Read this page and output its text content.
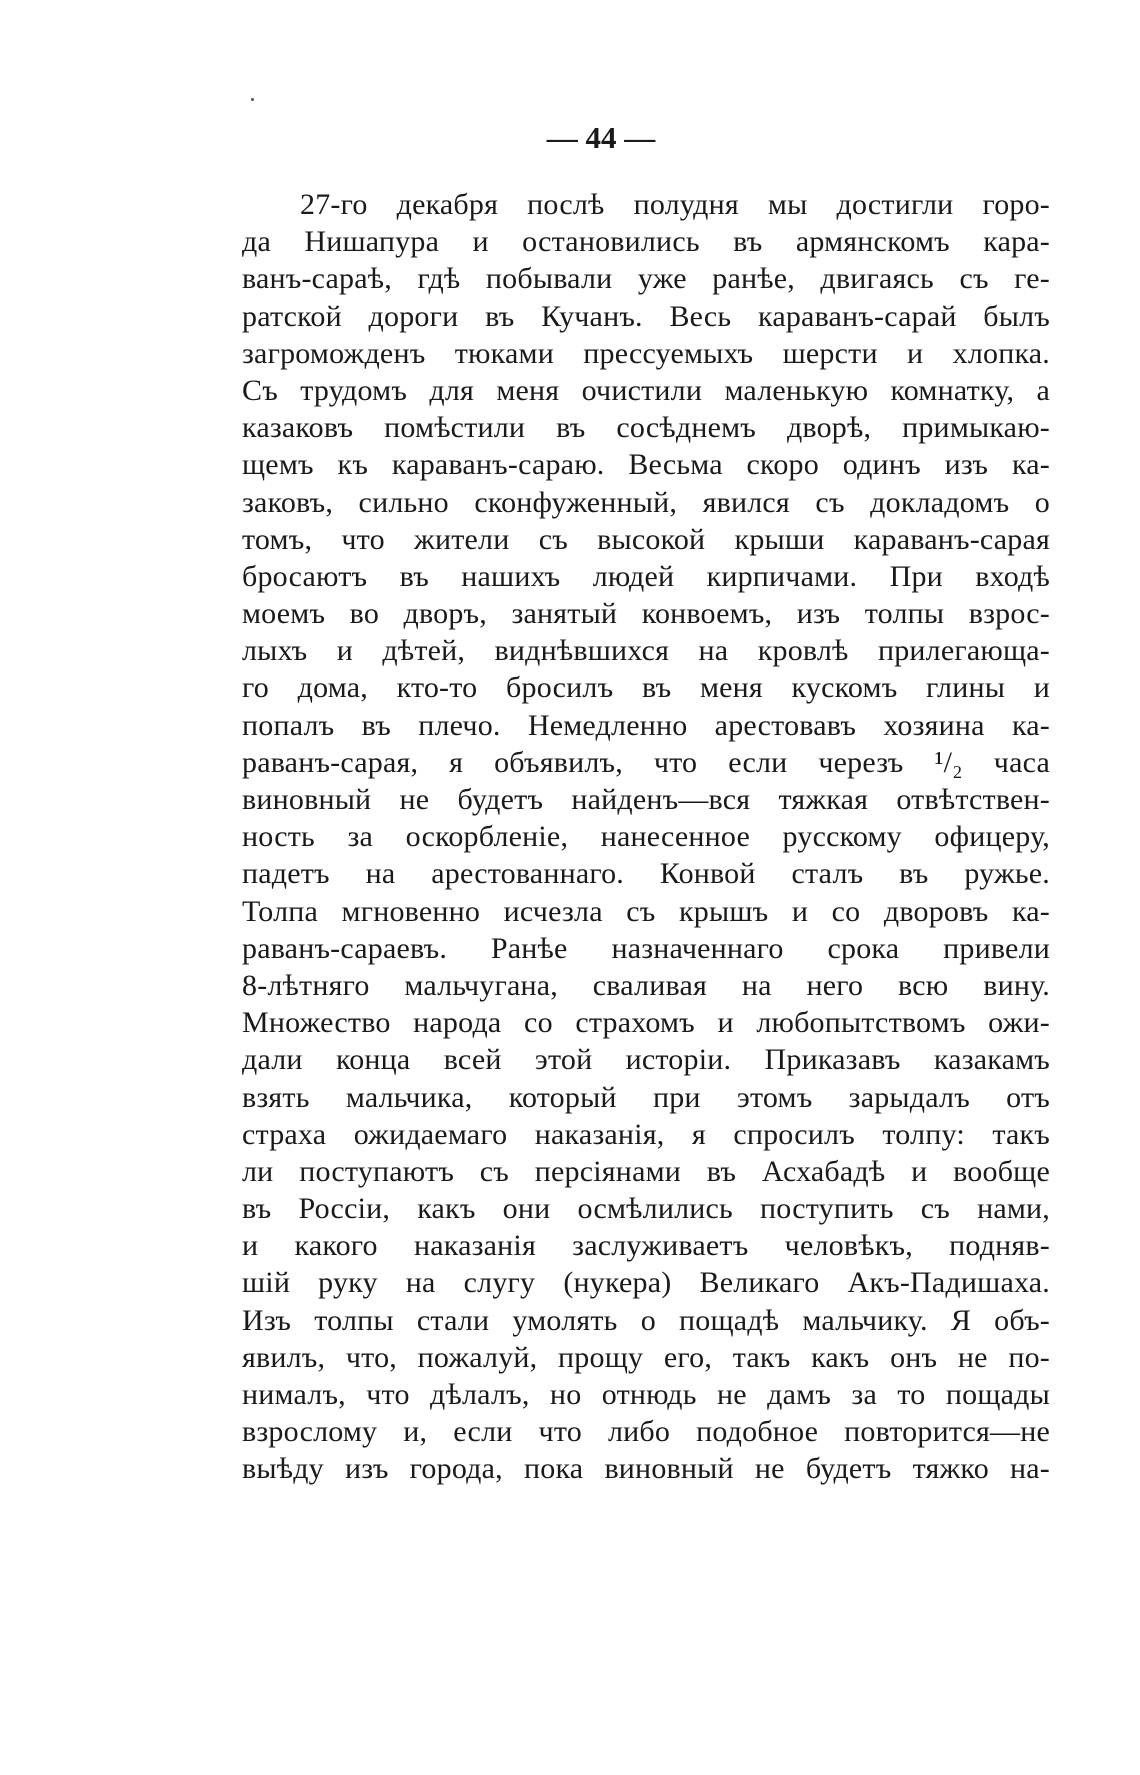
— 44 —
27-го декабря послѣ полудня мы достигли горо-
да Нишапура и остановились въ армянскомъ кара-
ванъ-сараѣ, гдѣ побывали уже ранѣе, двигаясь съ ге-
ратской дороги въ Кучанъ. Весь караванъ-сарай былъ
загроможденъ тюками прессуемыхъ шерсти и хлопка.
Съ трудомъ для меня очистили маленькую комнатку, а
казаковъ помѣстили въ сосѣднемъ дворѣ, примыкаю-
щемъ къ караванъ-сараю. Весьма скоро одинъ изъ ка-
заковъ, сильно сконфуженный, явился съ докладомъ о
томъ, что жители съ высокой крыши караванъ-сарая
бросаютъ въ нашихъ людей кирпичами. При входѣ
моемъ во дворъ, занятый конвоемъ, изъ толпы взрос-
лыхъ и дѣтей, виднѣвшихся на кровлѣ прилегающа-
го дома, кто-то бросилъ въ меня кускомъ глины и
попалъ въ плечо. Немедленно арестовавъ хозяина ка-
раванъ-сарая, я объявилъ, что если черезъ ¹/₂ часа
виновный не будетъ найденъ—вся тяжкая отвѣтствен-
ность за оскорбленіе, нанесенное русскому офицеру,
падетъ на арестованнаго. Конвой сталъ въ ружье.
Толпа мгновенно исчезла съ крышъ и со дворовъ ка-
раванъ-сараевъ. Ранѣе назначеннаго срока привели
8-лѣтняго мальчугана, сваливая на него всю вину.
Множество народа со страхомъ и любопытствомъ ожи-
дали конца всей этой исторіи. Приказавъ казакамъ
взять мальчика, который при этомъ зарыдалъ отъ
страха ожидаемаго наказанія, я спросилъ толпу: такъ
ли поступаютъ съ персіянами въ Асхабадѣ и вообще
въ Россіи, какъ они осмѣлились поступить съ нами,
и какого наказанія заслуживаетъ человѣкъ, подняв-
шій руку на слугу (нукера) Великаго Акъ-Падишаха.
Изъ толпы стали умолять о пощадѣ мальчику. Я объ-
явилъ, что, пожалуй, прощу его, такъ какъ онъ не по-
нималъ, что дѣлалъ, но отнюдь не дамъ за то пощады
взрослому и, если что либо подобное повторится—не
выѣду изъ города, пока виновный не будетъ тяжко на-
